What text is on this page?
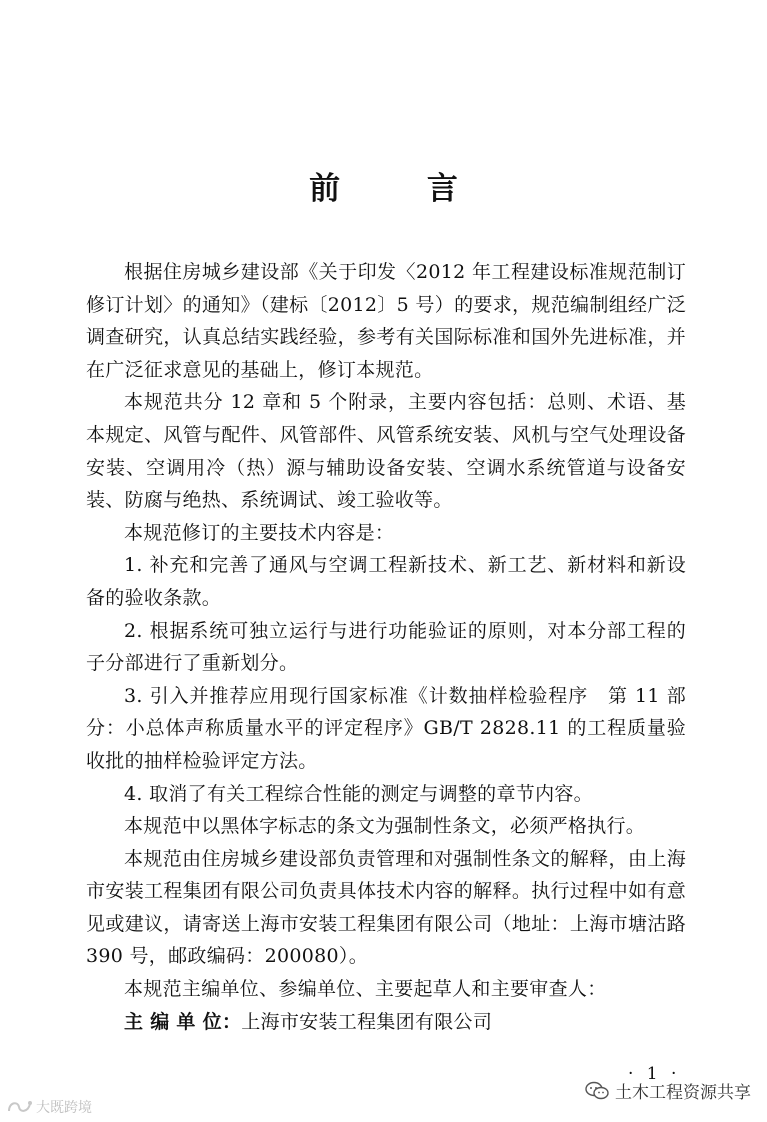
前 言

根据住房城乡建设部《关于印发〈2012 年工程建设标准规范制订修订计划〉的通知》（建标〔2012〕5 号）的要求，规范编制组经广泛调查研究，认真总结实践经验，参考有关国际标准和国外先进标准，并在广泛征求意见的基础上，修订本规范。

本规范共分 12 章和 5 个附录，主要内容包括：总则、术语、基本规定、风管与配件、风管部件、风管系统安装、风机与空气处理设备安装、空调用冷（热）源与辅助设备安装、空调水系统管道与设备安装、防腐与绝热、系统调试、竣工验收等。

本规范修订的主要技术内容是：

1. 补充和完善了通风与空调工程新技术、新工艺、新材料和新设备的验收条款。

2. 根据系统可独立运行与进行功能验证的原则，对本分部工程的子分部进行了重新划分。

3. 引入并推荐应用现行国家标准《计数抽样检验程序　第 11 部分：小总体声称质量水平的评定程序》GB/T 2828.11 的工程质量验收批的抽样检验评定方法。

4. 取消了有关工程综合性能的测定与调整的章节内容。

本规范中以黑体字标志的条文为强制性条文，必须严格执行。

本规范由住房城乡建设部负责管理和对强制性条文的解释，由上海市安装工程集团有限公司负责具体技术内容的解释。执行过程中如有意见或建议，请寄送上海市安装工程集团有限公司（地址：上海市塘沽路 390 号，邮政编码：200080）。

本规范主编单位、参编单位、主要起草人和主要审查人：

主 编 单 位：上海市安装工程集团有限公司

· 1 ·
土木工程资源共享
大既跨境
